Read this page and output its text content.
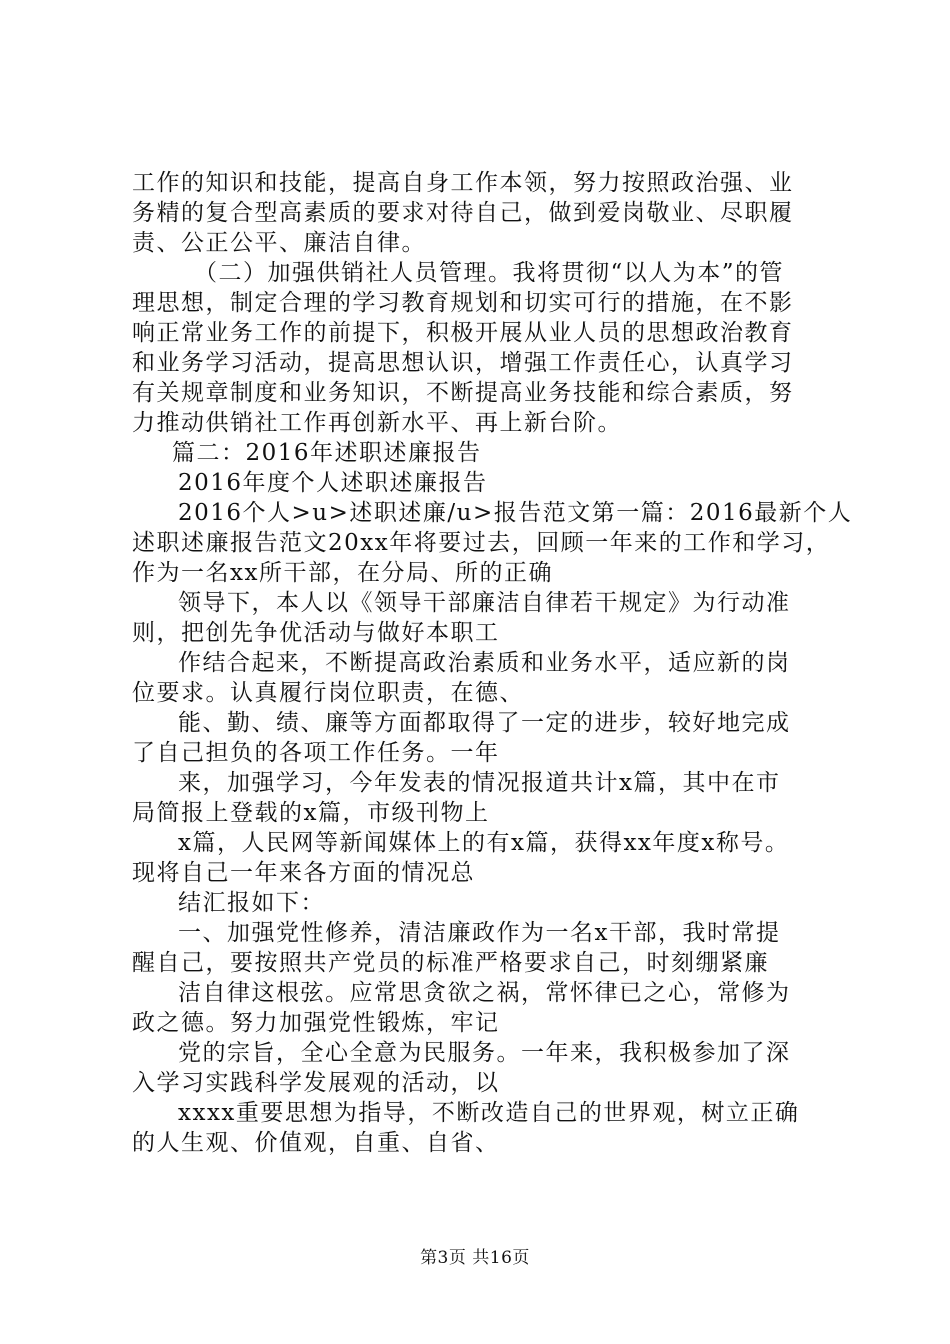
工作的知识和技能，提高自身工作本领，努力按照政治强、业
务精的复合型高素质的要求对待自己，做到爱岗敬业、尽职履
责、公正公平、廉洁自律。
（二）加强供销社人员管理。我将贯彻“以人为本”的管
理思想，制定合理的学习教育规划和切实可行的措施，在不影
响正常业务工作的前提下，积极开展从业人员的思想政治教育
和业务学习活动，提高思想认识，增强工作责任心，认真学习
有关规章制度和业务知识，不断提高业务技能和综合素质，努
力推动供销社工作再创新水平、再上新台阶。
篇二：2016年述职述廉报告
2016年度个人述职述廉报告
2016个人>u>述职述廉/u>报告范文第一篇：2016最新个人
述职述廉报告范文20xx年将要过去，回顾一年来的工作和学习，
作为一名xx所干部，在分局、所的正确
领导下，本人以《领导干部廉洁自律若干规定》为行动准
则，把创先争优活动与做好本职工
作结合起来，不断提高政治素质和业务水平，适应新的岗
位要求。认真履行岗位职责，在德、
能、勤、绩、廉等方面都取得了一定的进步，较好地完成
了自己担负的各项工作任务。一年
来，加强学习，今年发表的情况报道共计x篇，其中在市
局简报上登载的x篇，市级刊物上
x篇，人民网等新闻媒体上的有x篇，获得xx年度x称号。
现将自己一年来各方面的情况总
结汇报如下：
一、加强党性修养，清洁廉政作为一名x干部，我时常提
醒自己，要按照共产党员的标准严格要求自己，时刻绷紧廉
洁自律这根弦。应常思贪欲之祸，常怀律已之心，常修为
政之德。努力加强党性锻炼，牢记
党的宗旨，全心全意为民服务。一年来，我积极参加了深
入学习实践科学发展观的活动，以
xxxx重要思想为指导，不断改造自己的世界观，树立正确
的人生观、价值观，自重、自省、
第3页 共16页
